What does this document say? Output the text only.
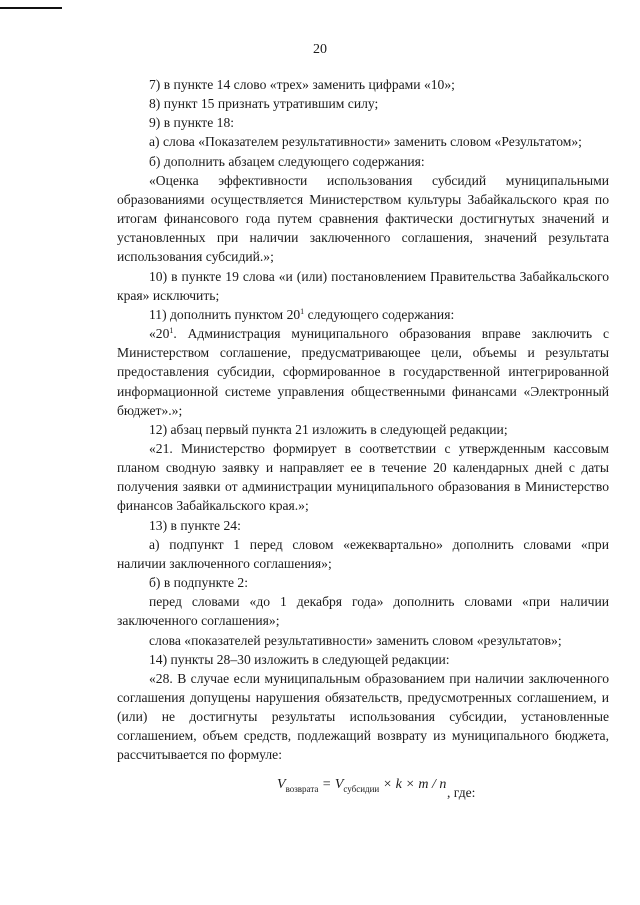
20

7) в пункте 14 слово «трех» заменить цифрами «10»;

8) пункт 15 признать утратившим силу;

9) в пункте 18:

а) слова «Показателем результативности» заменить словом «Результатом»;

б) дополнить абзацем следующего содержания:

«Оценка эффективности использования субсидий муниципальными образованиями осуществляется Министерством культуры Забайкальского края по итогам финансового года путем сравнения фактически достигнутых значений и установленных при наличии заключенного соглашения, значений результата использования субсидий.»;

10) в пункте 19 слова «и (или) постановлением Правительства Забайкальского края» исключить;

11) дополнить пунктом $20^1$ следующего содержания:

«$20^1$. Администрация муниципального образования вправе заключить с

Министерством соглашение, предусматривающее цели, объемы и результаты предоставления субсидии, сформированное в государственной интегрированной информационной системе управления общественными финансами «Электронный бюджет».»;

12) абзац первый пункта 21 изложить в следующей редакции;

«21. Министерство формирует в соответствии с утвержденным кассовым планом сводную заявку и направляет ее в течение 20 календарных дней с даты получения заявки от администрации муниципального образования в Министерство финансов Забайкальского края.»;

13) в пункте 24:

а) подпункт 1 перед словом «ежеквартально» дополнить словами «при наличии заключенного соглашения»;

б) в подпункте 2:

перед словами «до 1 декабря года» дополнить словами «при наличии заключенного соглашения»;

слова «показателей результативности» заменить словом «результатов»;

14) пункты 28–30 изложить в следующей редакции:

«28. В случае если муниципальным образованием при наличии заключенного соглашения допущены нарушения обязательств, предусмотренных соглашением, и (или) не достигнуты результаты использования субсидии, установленные соглашением, объем средств, подлежащий возврату из муниципального бюджета, рассчитывается по формуле:

$V_{возврата} = V_{субсидии} \times k \times m / n$
, где:
